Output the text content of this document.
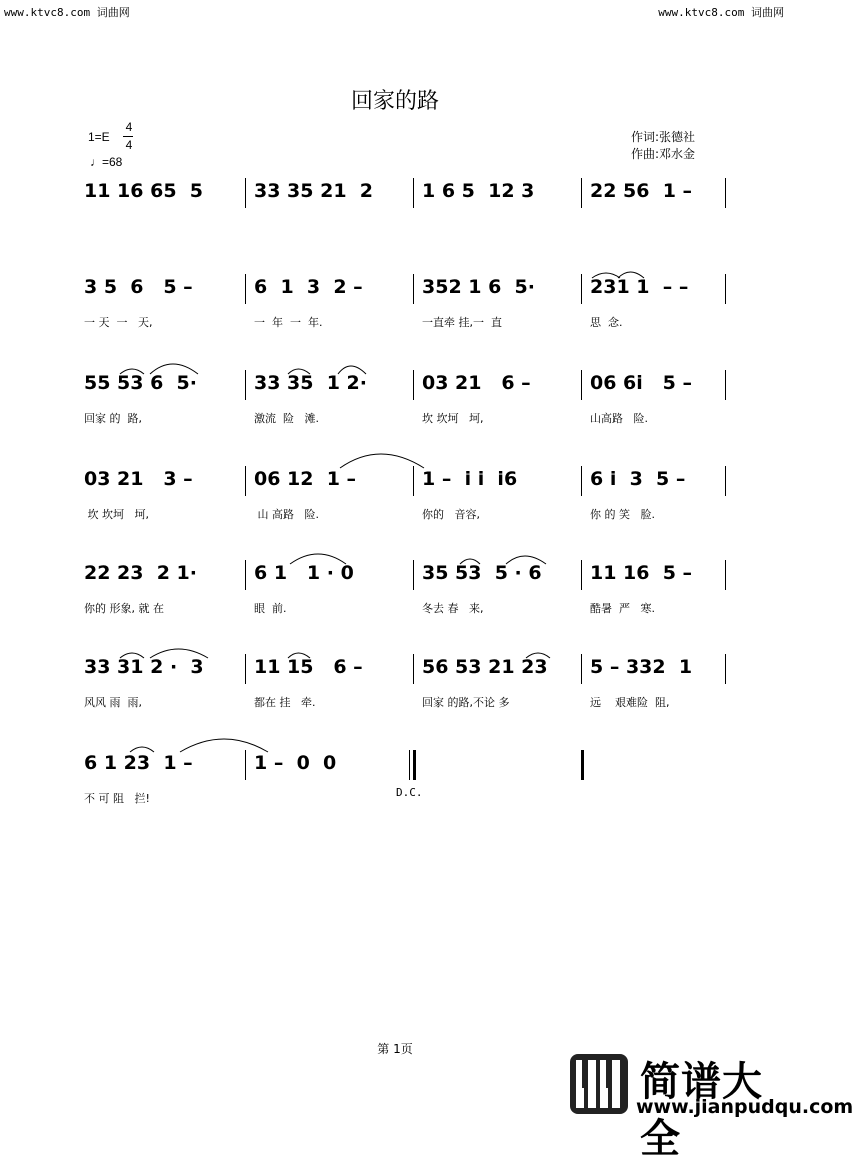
www.ktvc8.com 词曲网	www.ktvc8.com 词曲网
回家的路
1=E
4
4
♩=68
作词:张德社
作曲:邓水金
11 16 65  5	33 35 21  2	1 6 5  12 3	22 56  1 –
3 5  6   5 –
一 天  一   天,
6  1  3  2 –
一  年  一  年.
352 1 6  5·
一直牵 挂,一  直
231 1  – –
思  念.
55 53 6  5·
回家 的  路,
33 35  1 2·
激流  险   滩.
03 21   6 –
坎 坎坷   坷,
06 6i   5 –
山高路   险.
03 21   3 –
坎 坎坷   坷,
06 12  1 –
山 高路   险.
1 –  i i  i6
你的   音容,
6 i  3  5 –
你 的 笑   脸.
22 23  2 1·
你的 形象, 就 在
6 1   1 · 0
眼  前.
35 53  5 · 6
冬去 春   来,
11 16  5 –
酷暑  严   寒.
33 31 2 ·  3
风风 雨  雨,
11 15   6 –
都在 挂   牵.
56 53 21 23
回家 的路,不论 多
5 – 332  1
远    艰难险  阻,
6 1 23  1 –
不 可 阻   拦!
1 –  0  0
D.C.
第 1页
简谱大全
www.jianpudqu.com
